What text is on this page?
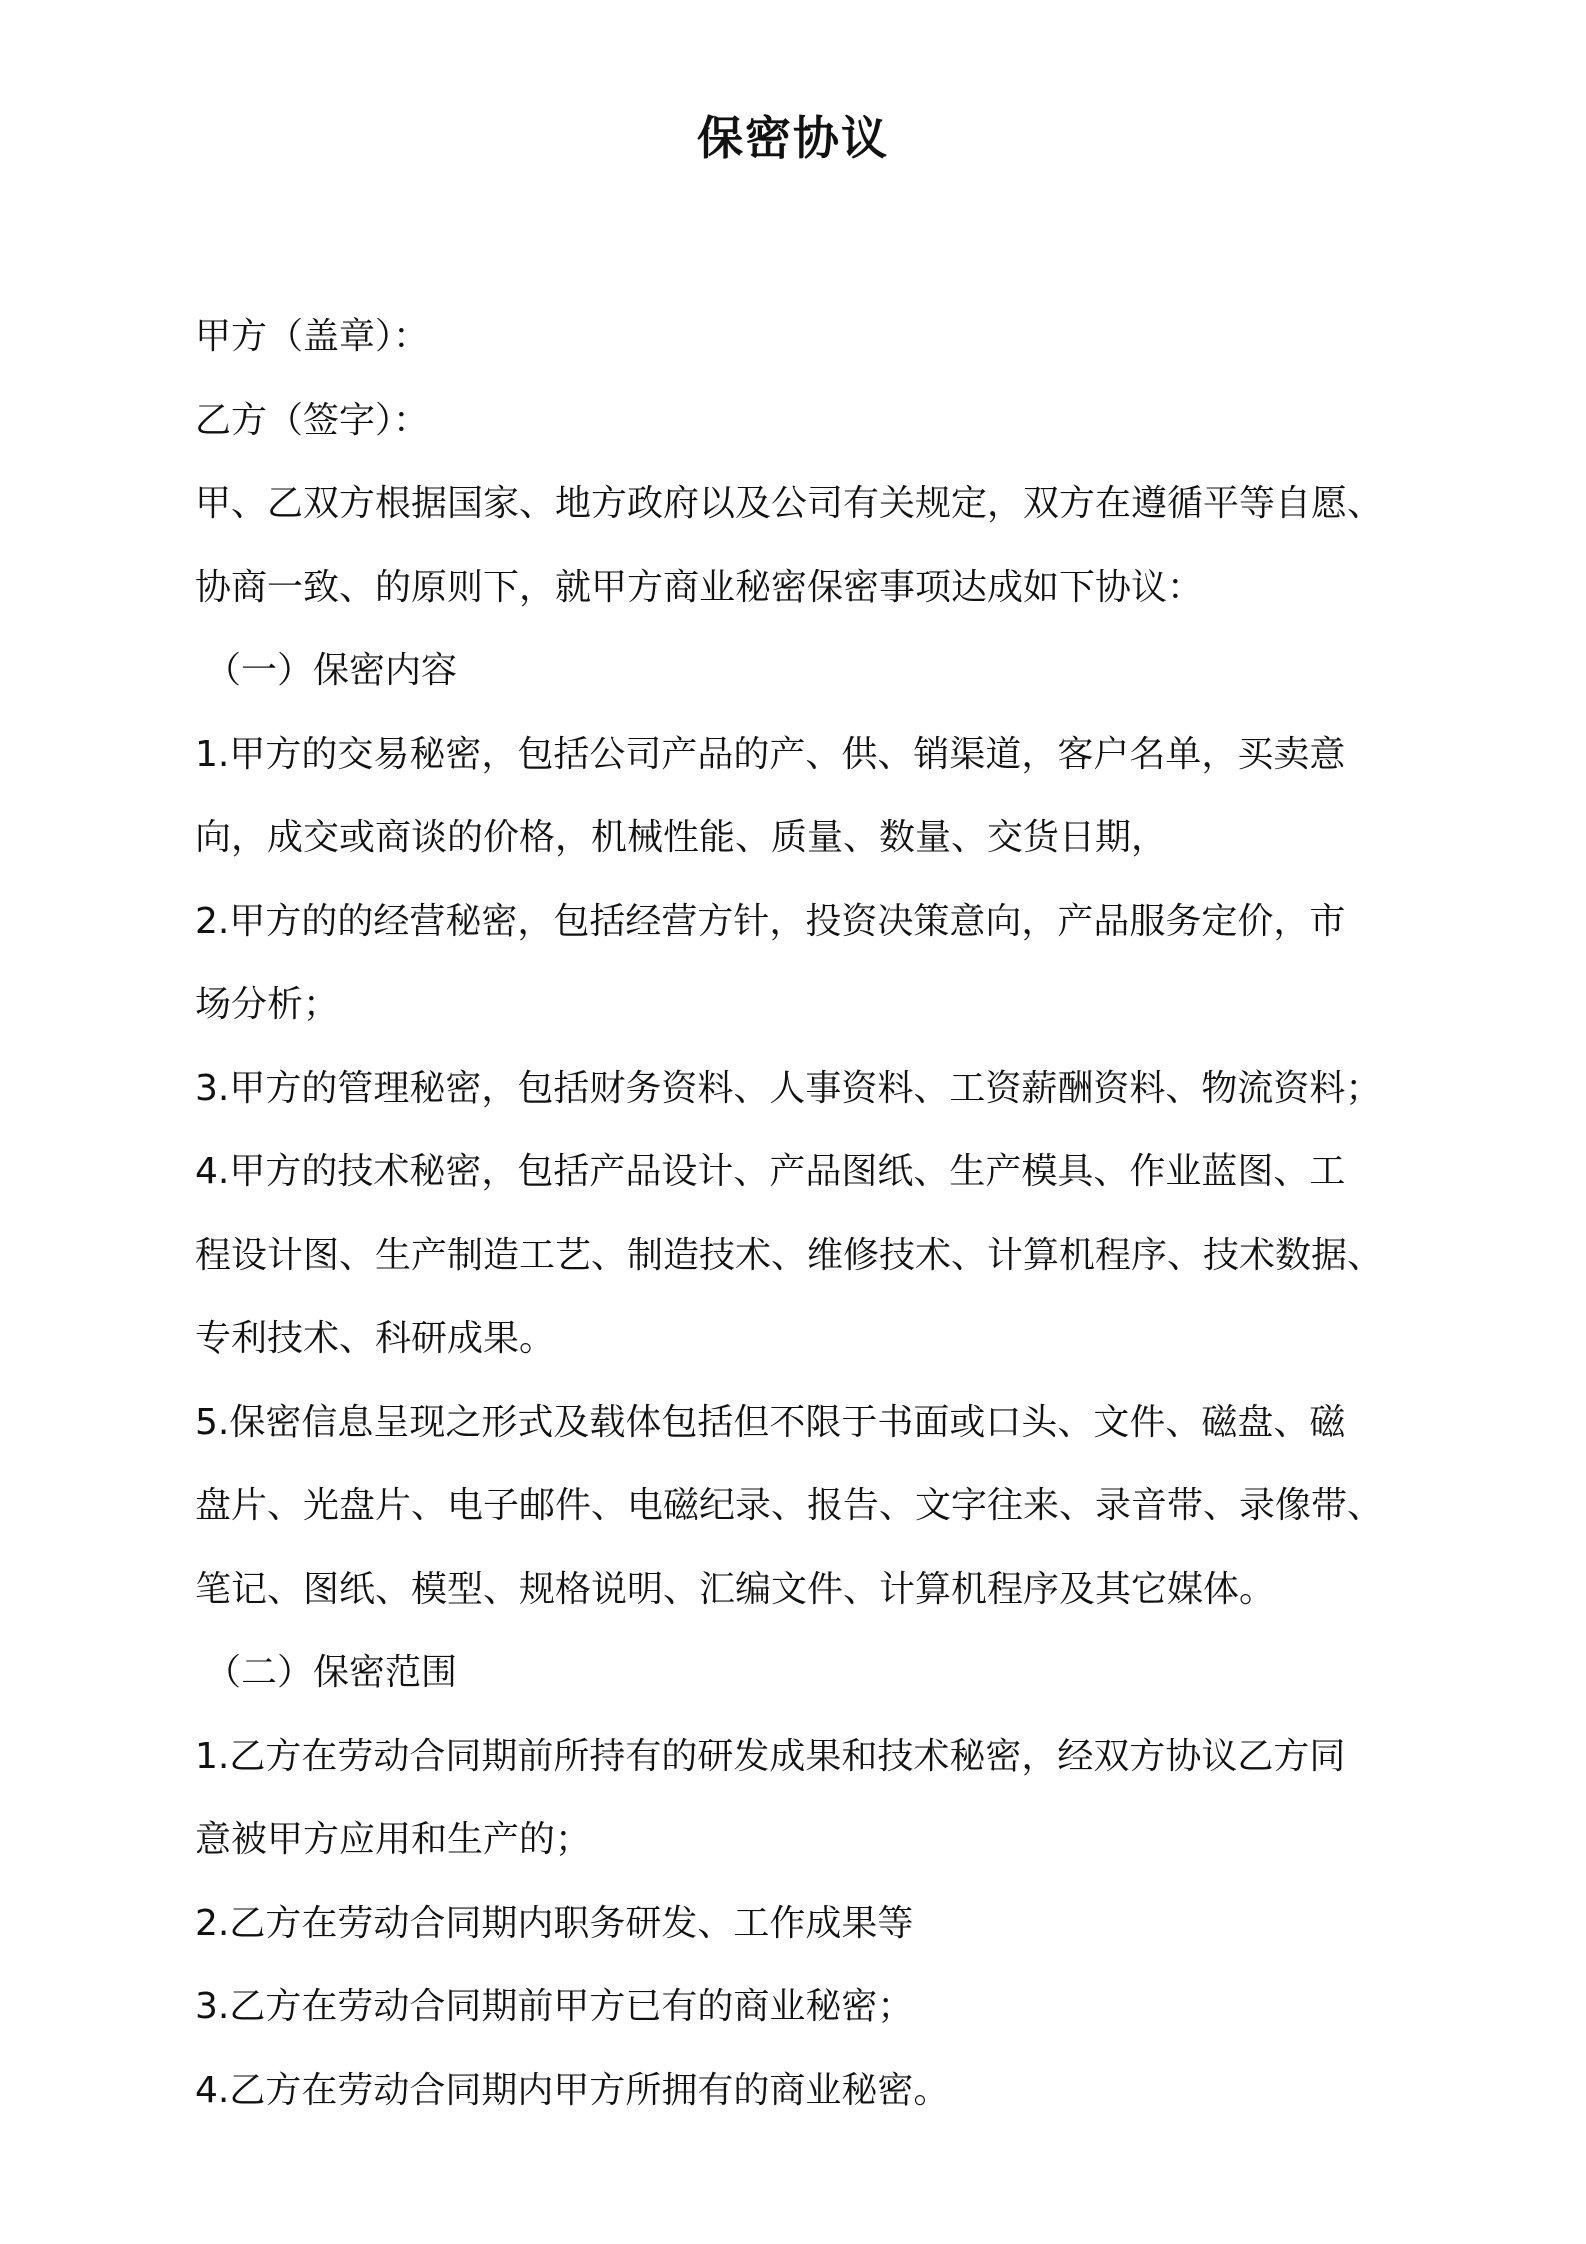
保密协议
甲方（盖章）：
乙方（签字）：
甲、乙双方根据国家、地方政府以及公司有关规定，双方在遵循平等自愿、
协商一致、的原则下，就甲方商业秘密保密事项达成如下协议：
（一）保密内容
1.甲方的交易秘密，包括公司产品的产、供、销渠道，客户名单，买卖意
向，成交或商谈的价格，机械性能、质量、数量、交货日期，
2.甲方的的经营秘密，包括经营方针，投资决策意向，产品服务定价，市
场分析；
3.甲方的管理秘密，包括财务资料、人事资料、工资薪酬资料、物流资料；
4.甲方的技术秘密，包括产品设计、产品图纸、生产模具、作业蓝图、工
程设计图、生产制造工艺、制造技术、维修技术、计算机程序、技术数据、
专利技术、科研成果。
5.保密信息呈现之形式及载体包括但不限于书面或口头、文件、磁盘、磁
盘片、光盘片、电子邮件、电磁纪录、报告、文字往来、录音带、录像带、
笔记、图纸、模型、规格说明、汇编文件、计算机程序及其它媒体。
（二）保密范围
1.乙方在劳动合同期前所持有的研发成果和技术秘密，经双方协议乙方同
意被甲方应用和生产的；
2.乙方在劳动合同期内职务研发、工作成果等
3.乙方在劳动合同期前甲方已有的商业秘密；
4.乙方在劳动合同期内甲方所拥有的商业秘密。
